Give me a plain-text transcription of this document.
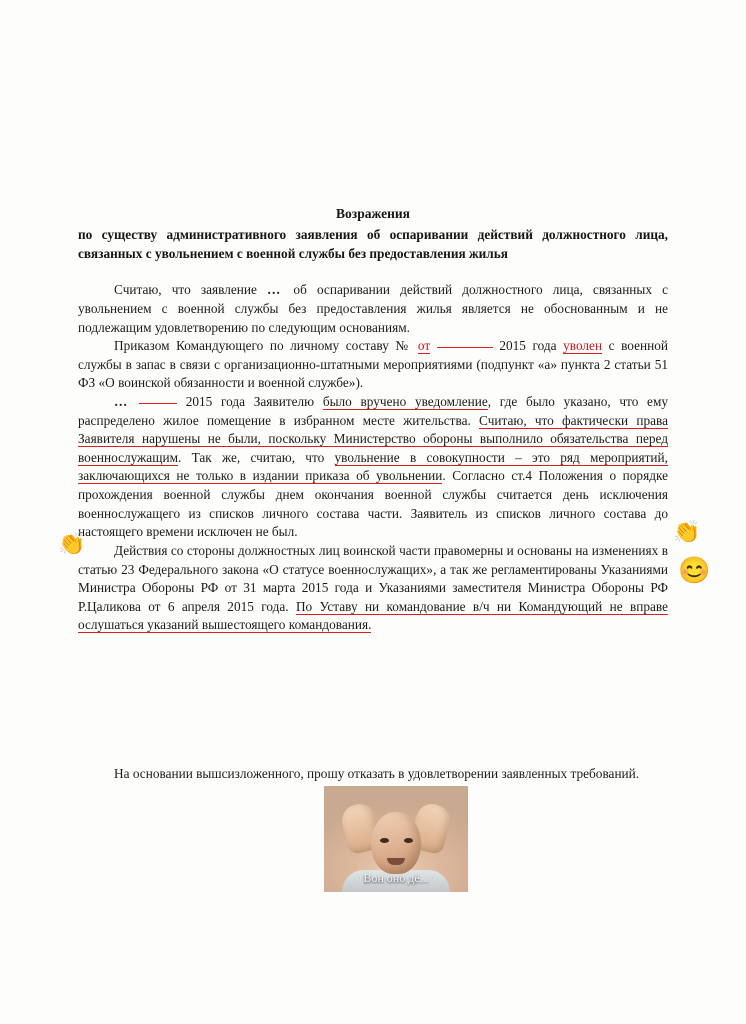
Возражения
по существу административного заявления об оспаривании действий должностного лица, связанных с увольнением с военной службы без предоставления жилья

Считаю, что заявление … об оспаривании действий должностного лица, связанных с увольнением с военной службы без предоставления жилья является не обоснованным и не подлежащим удовлетворению по следующим основаниям.

Приказом Командующего по личному составу № от	2015 года уволен с военной службы в запас в связи с организационно-штатными мероприятиями (подпункт «а» пункта 2 статьи 51 ФЗ «О воинской обязанности и военной службе»).

…	2015 года Заявителю было вручено уведомление, где было указано, что ему распределено жилое помещение в избранном месте жительства. Считаю, что фактически права Заявителя нарушены не были, поскольку Министерство обороны выполнило обязательства перед военнослужащим. Так же, считаю, что увольнение в совокупности – это ряд мероприятий, заключающихся не только в издании приказа об увольнении. Согласно ст.4 Положения о порядке прохождения военной службы днем окончания военной службы считается день исключения военнослужащего из списков личного состава части. Заявитель из списков личного состава до настоящего времени исключен не был.

Действия со стороны должностных лиц воинской части правомерны и основаны на изменениях в статью 23 Федерального закона «О статусе военнослужащих», а так же регламентированы Указаниями Министра Обороны РФ от 31 марта 2015 года и Указаниями заместителя Министра Обороны РФ Р.Цаликова от 6 апреля 2015 года. По Уставу ни командование в/ч ни Командующий не вправе ослушаться указаний вышестоящего командования.

На основании вышсизложенного, прошу отказать в удовлетворении заявленных требований.

Вон оно дё...
👏
👏
😊
